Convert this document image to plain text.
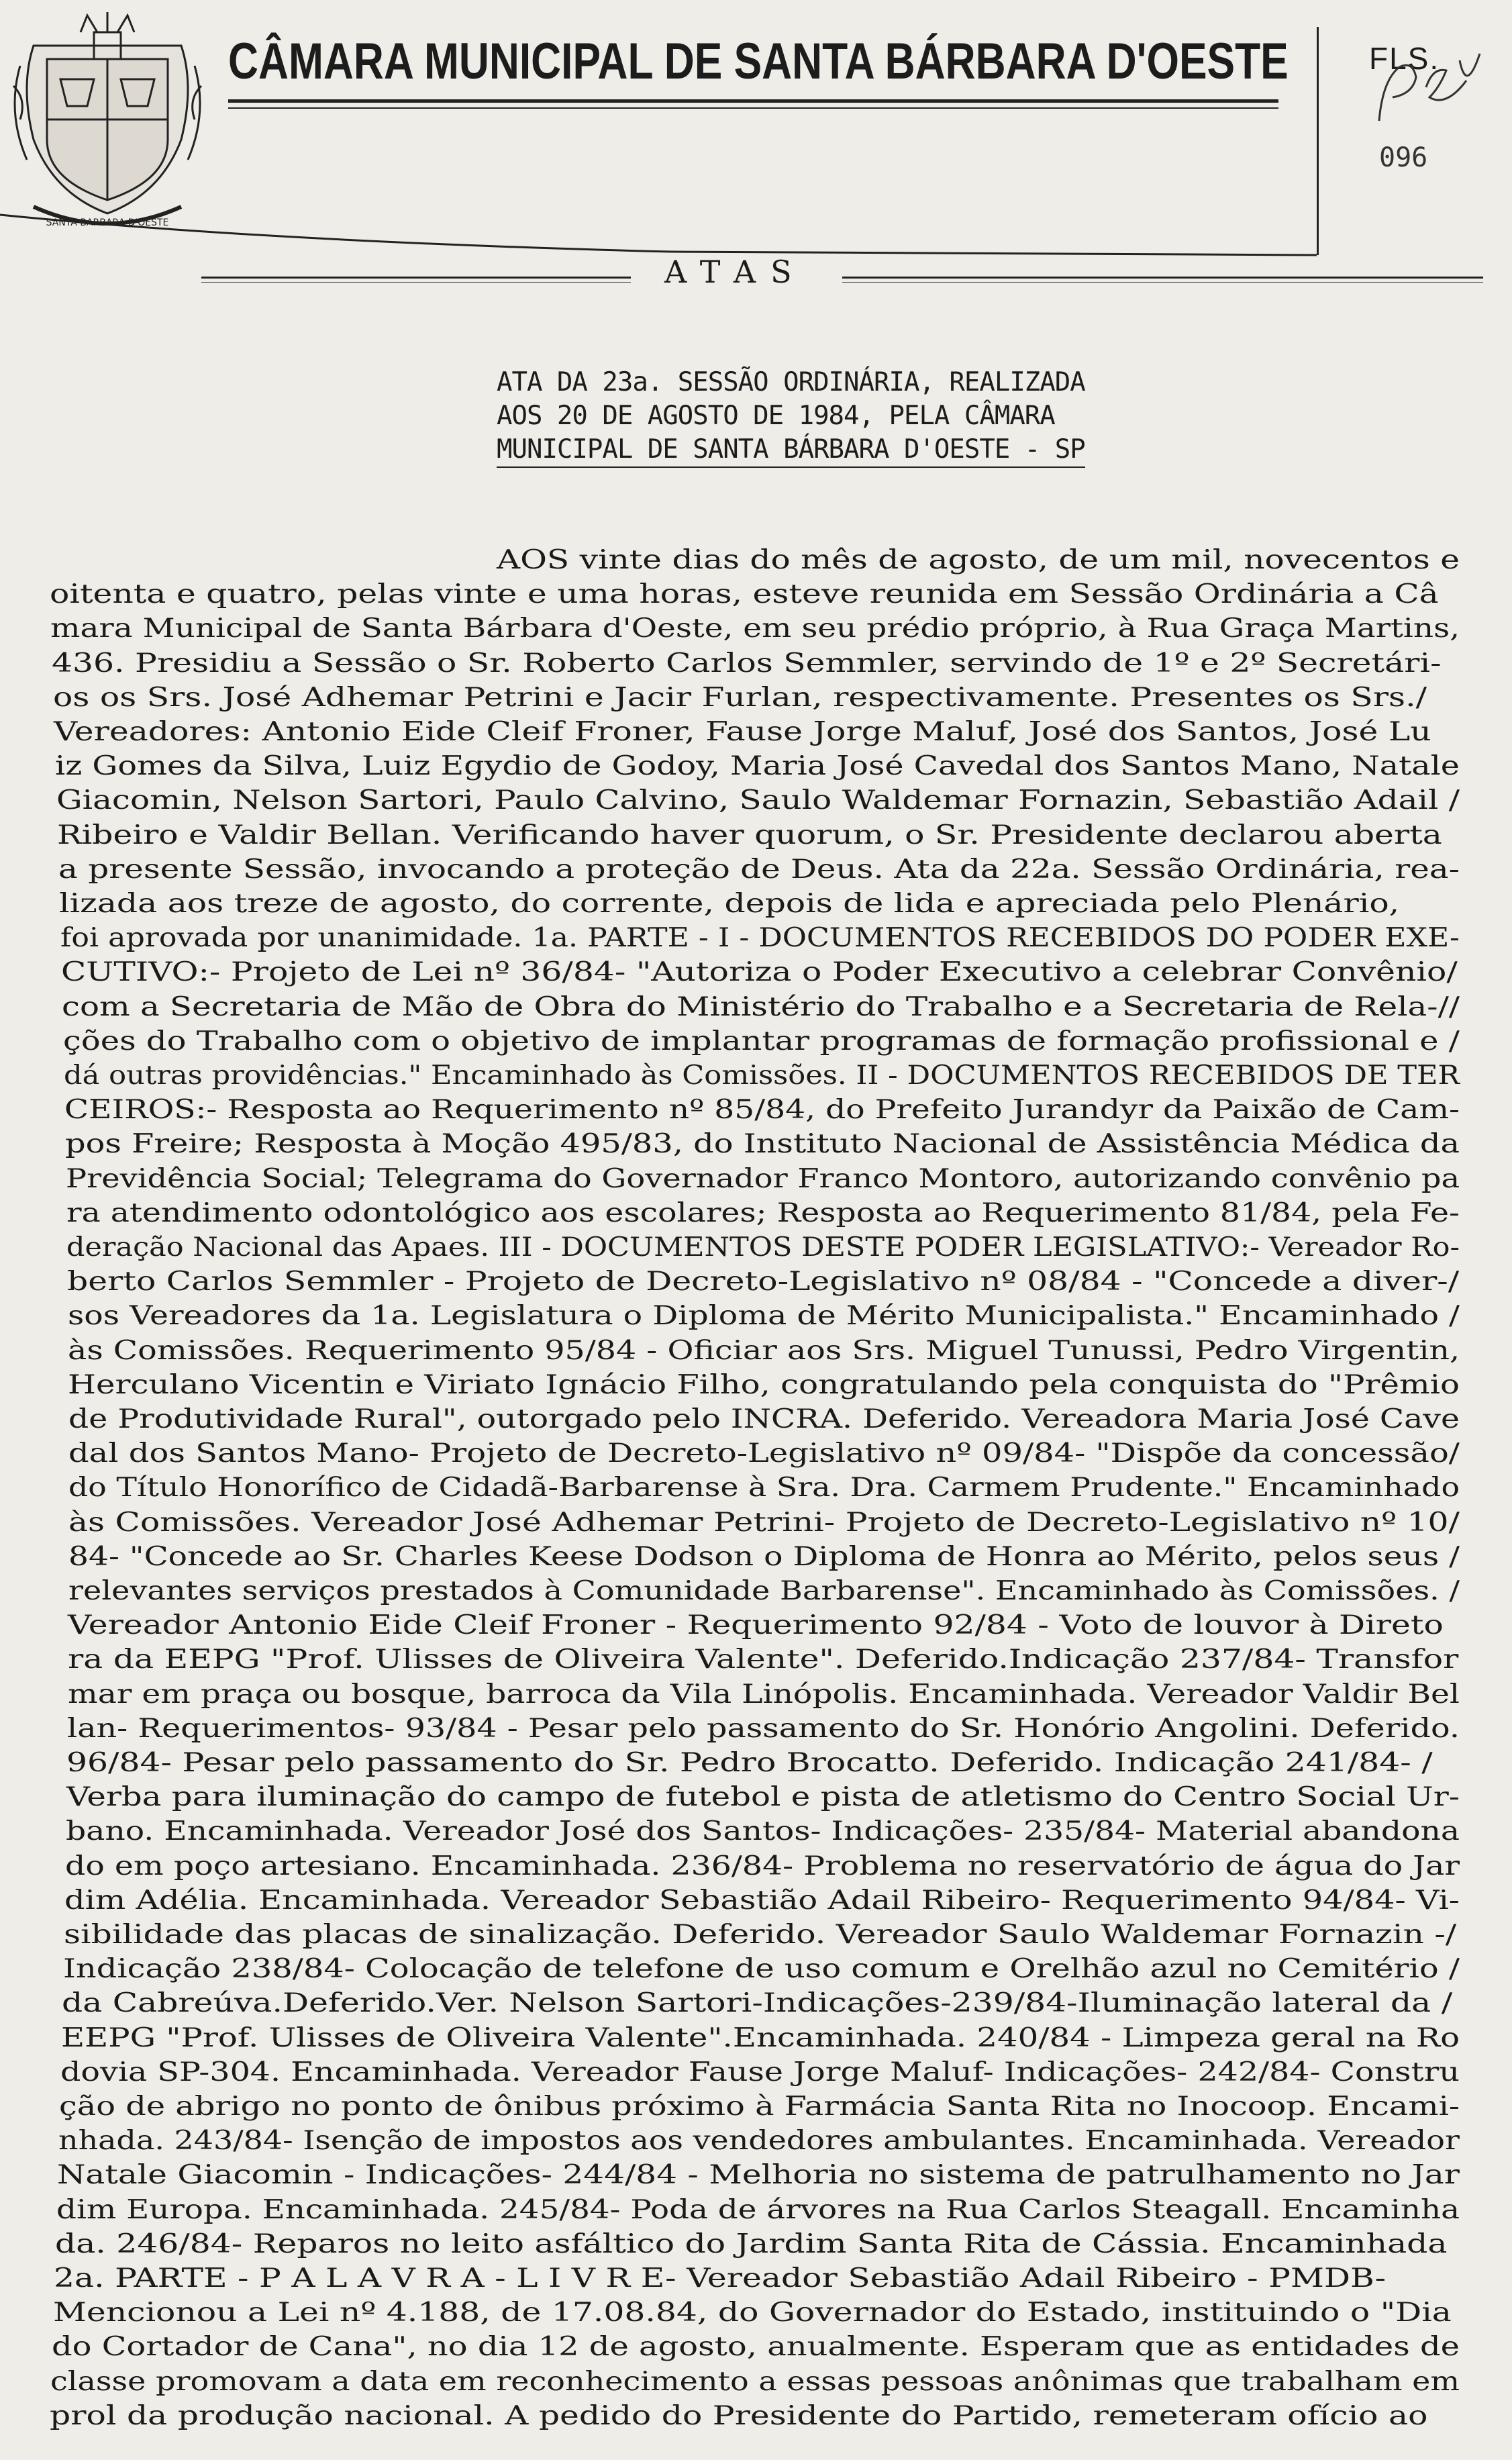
SANTA BARBARA D'OESTE
CÂMARA MUNICIPAL DE SANTA BÁRBARA D'OESTE	FLS.
096
ATAS
ATA DA 23a. SESSÃO ORDINÁRIA, REALIZADA
AOS 20 DE AGOSTO DE 1984, PELA CÂMARA
MUNICIPAL DE SANTA BÁRBARA D'OESTE - SP
AOS vinte dias do mês de agosto, de um mil, novecentos e
oitenta e quatro, pelas vinte e uma horas, esteve reunida em Sessão Ordinária a Câ
mara Municipal de Santa Bárbara d'Oeste, em seu prédio próprio, à Rua Graça Martins,
436. Presidiu a Sessão o Sr. Roberto Carlos Semmler, servindo de 1º e 2º Secretári-
os os Srs. José Adhemar Petrini e Jacir Furlan, respectivamente. Presentes os Srs./
Vereadores: Antonio Eide Cleif Froner, Fause Jorge Maluf, José dos Santos, José Lu
iz Gomes da Silva, Luiz Egydio de Godoy, Maria José Cavedal dos Santos Mano, Natale
Giacomin, Nelson Sartori, Paulo Calvino, Saulo Waldemar Fornazin, Sebastião Adail /
Ribeiro e Valdir Bellan. Verificando haver quorum, o Sr. Presidente declarou aberta
a presente Sessão, invocando a proteção de Deus. Ata da 22a. Sessão Ordinária, rea-
lizada aos treze de agosto, do corrente, depois de lida e apreciada pelo Plenário,
foi aprovada por unanimidade. 1a. PARTE - I - DOCUMENTOS RECEBIDOS DO PODER EXE-
CUTIVO:- Projeto de Lei nº 36/84- "Autoriza o Poder Executivo a celebrar Convênio/
com a Secretaria de Mão de Obra do Ministério do Trabalho e a Secretaria de Rela-//
ções do Trabalho com o objetivo de implantar programas de formação profissional e /
dá outras providências." Encaminhado às Comissões. II - DOCUMENTOS RECEBIDOS DE TER
CEIROS:- Resposta ao Requerimento nº 85/84, do Prefeito Jurandyr da Paixão de Cam-
pos Freire; Resposta à Moção 495/83, do Instituto Nacional de Assistência Médica da
Previdência Social; Telegrama do Governador Franco Montoro, autorizando convênio pa
ra atendimento odontológico aos escolares; Resposta ao Requerimento 81/84, pela Fe-
deração Nacional das Apaes. III - DOCUMENTOS DESTE PODER LEGISLATIVO:- Vereador Ro-
berto Carlos Semmler - Projeto de Decreto-Legislativo nº 08/84 - "Concede a diver-/
sos Vereadores da 1a. Legislatura o Diploma de Mérito Municipalista." Encaminhado /
às Comissões. Requerimento 95/84 - Oficiar aos Srs. Miguel Tunussi, Pedro Virgentin,
Herculano Vicentin e Viriato Ignácio Filho, congratulando pela conquista do "Prêmio
de Produtividade Rural", outorgado pelo INCRA. Deferido. Vereadora Maria José Cave
dal dos Santos Mano- Projeto de Decreto-Legislativo nº 09/84- "Dispõe da concessão/
do Título Honorífico de Cidadã-Barbarense à Sra. Dra. Carmem Prudente." Encaminhado
às Comissões. Vereador José Adhemar Petrini- Projeto de Decreto-Legislativo nº 10/
84- "Concede ao Sr. Charles Keese Dodson o Diploma de Honra ao Mérito, pelos seus /
relevantes serviços prestados à Comunidade Barbarense". Encaminhado às Comissões. /
Vereador Antonio Eide Cleif Froner - Requerimento 92/84 - Voto de louvor à Direto
ra da EEPG "Prof. Ulisses de Oliveira Valente". Deferido.Indicação 237/84- Transfor
mar em praça ou bosque, barroca da Vila Linópolis. Encaminhada. Vereador Valdir Bel
lan- Requerimentos- 93/84 - Pesar pelo passamento do Sr. Honório Angolini. Deferido.
96/84- Pesar pelo passamento do Sr. Pedro Brocatto. Deferido. Indicação 241/84- /
Verba para iluminação do campo de futebol e pista de atletismo do Centro Social Ur-
bano. Encaminhada. Vereador José dos Santos- Indicações- 235/84- Material abandona
do em poço artesiano. Encaminhada. 236/84- Problema no reservatório de água do Jar
dim Adélia. Encaminhada. Vereador Sebastião Adail Ribeiro- Requerimento 94/84- Vi-
sibilidade das placas de sinalização. Deferido. Vereador Saulo Waldemar Fornazin -/
Indicação 238/84- Colocação de telefone de uso comum e Orelhão azul no Cemitério /
da Cabreúva.Deferido.Ver. Nelson Sartori-Indicações-239/84-Iluminação lateral da /
EEPG "Prof. Ulisses de Oliveira Valente".Encaminhada. 240/84 - Limpeza geral na Ro
dovia SP-304. Encaminhada. Vereador Fause Jorge Maluf- Indicações- 242/84- Constru
ção de abrigo no ponto de ônibus próximo à Farmácia Santa Rita no Inocoop. Encami-
nhada. 243/84- Isenção de impostos aos vendedores ambulantes. Encaminhada. Vereador
Natale Giacomin - Indicações- 244/84 - Melhoria no sistema de patrulhamento no Jar
dim Europa. Encaminhada. 245/84- Poda de árvores na Rua Carlos Steagall. Encaminha
da. 246/84- Reparos no leito asfáltico do Jardim Santa Rita de Cássia. Encaminhada
2a. PARTE - P A L A V R A - L I V R E- Vereador Sebastião Adail Ribeiro - PMDB-
Mencionou a Lei nº 4.188, de 17.08.84, do Governador do Estado, instituindo o "Dia
do Cortador de Cana", no dia 12 de agosto, anualmente. Esperam que as entidades de
classe promovam a data em reconhecimento a essas pessoas anônimas que trabalham em
prol da produção nacional. A pedido do Presidente do Partido, remeteram ofício ao
